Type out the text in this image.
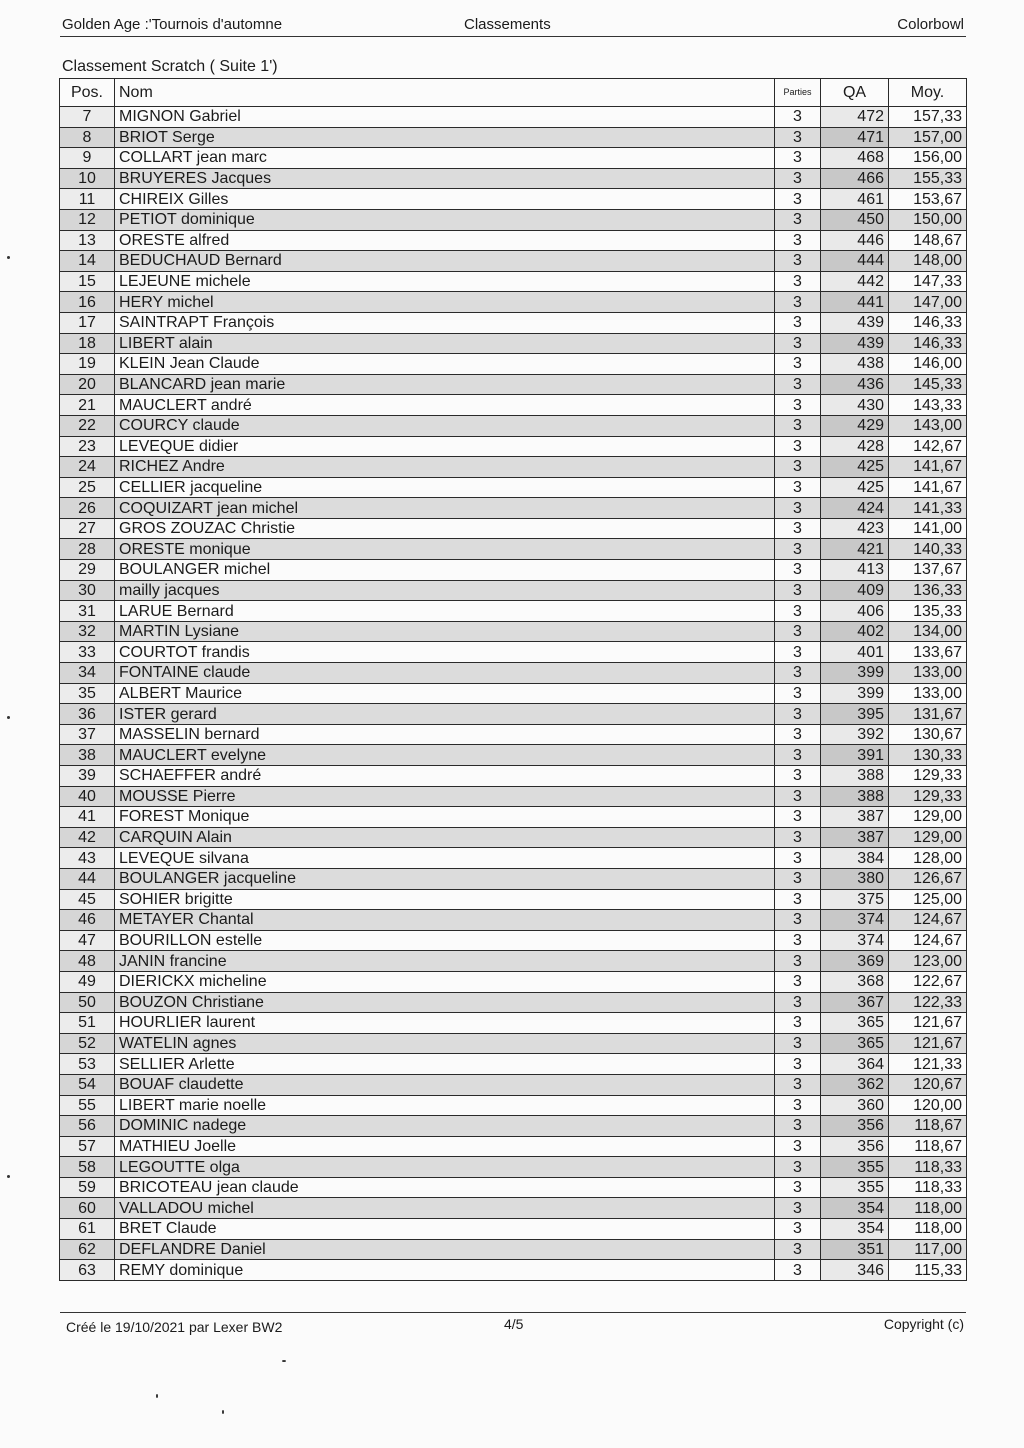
Golden Age :'Tournois d'automne	Classements	Colorbowl
Classement Scratch ( Suite 1')
Pos.	Nom	Parties	QA	Moy.
7	MIGNON Gabriel	3	472	157,33
8	BRIOT Serge	3	471	157,00
9	COLLART jean marc	3	468	156,00
10	BRUYERES Jacques	3	466	155,33
11	CHIREIX Gilles	3	461	153,67
12	PETIOT dominique	3	450	150,00
13	ORESTE alfred	3	446	148,67
14	BEDUCHAUD Bernard	3	444	148,00
15	LEJEUNE michele	3	442	147,33
16	HERY michel	3	441	147,00
17	SAINTRAPT François	3	439	146,33
18	LIBERT alain	3	439	146,33
19	KLEIN Jean Claude	3	438	146,00
20	BLANCARD jean marie	3	436	145,33
21	MAUCLERT andré	3	430	143,33
22	COURCY claude	3	429	143,00
23	LEVEQUE didier	3	428	142,67
24	RICHEZ Andre	3	425	141,67
25	CELLIER jacqueline	3	425	141,67
26	COQUIZART jean michel	3	424	141,33
27	GROS ZOUZAC Christie	3	423	141,00
28	ORESTE monique	3	421	140,33
29	BOULANGER michel	3	413	137,67
30	mailly jacques	3	409	136,33
31	LARUE Bernard	3	406	135,33
32	MARTIN Lysiane	3	402	134,00
33	COURTOT frandis	3	401	133,67
34	FONTAINE claude	3	399	133,00
35	ALBERT Maurice	3	399	133,00
36	ISTER gerard	3	395	131,67
37	MASSELIN bernard	3	392	130,67
38	MAUCLERT evelyne	3	391	130,33
39	SCHAEFFER andré	3	388	129,33
40	MOUSSE Pierre	3	388	129,33
41	FOREST Monique	3	387	129,00
42	CARQUIN Alain	3	387	129,00
43	LEVEQUE silvana	3	384	128,00
44	BOULANGER jacqueline	3	380	126,67
45	SOHIER brigitte	3	375	125,00
46	METAYER Chantal	3	374	124,67
47	BOURILLON estelle	3	374	124,67
48	JANIN francine	3	369	123,00
49	DIERICKX micheline	3	368	122,67
50	BOUZON Christiane	3	367	122,33
51	HOURLIER laurent	3	365	121,67
52	WATELIN agnes	3	365	121,67
53	SELLIER Arlette	3	364	121,33
54	BOUAF claudette	3	362	120,67
55	LIBERT marie noelle	3	360	120,00
56	DOMINIC nadege	3	356	118,67
57	MATHIEU Joelle	3	356	118,67
58	LEGOUTTE olga	3	355	118,33
59	BRICOTEAU jean claude	3	355	118,33
60	VALLADOU michel	3	354	118,00
61	BRET Claude	3	354	118,00
62	DEFLANDRE Daniel	3	351	117,00
63	REMY dominique	3	346	115,33
Créé le 19/10/2021 par Lexer BW2	4/5	Copyright (c)
